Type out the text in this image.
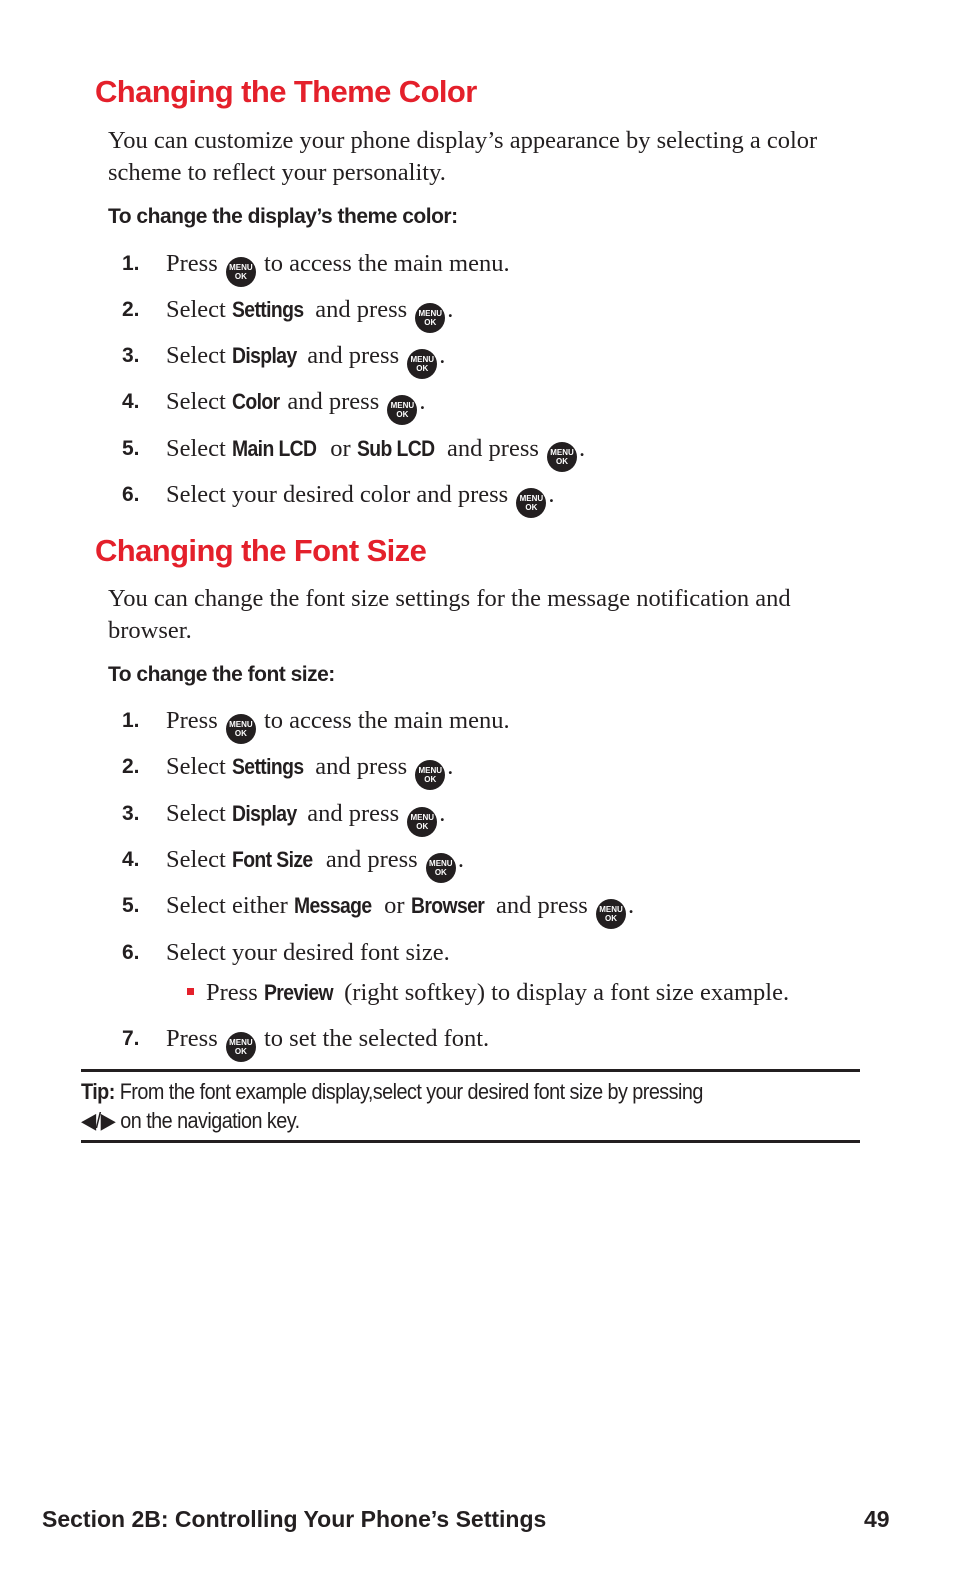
Changing the Theme Color

You can customize your phone display’s appearance by selecting a color scheme to reflect your personality.

To change the display’s theme color:

1.	Press	MENU
OK to access the main menu.
2.	Select Settings and press	MENU
OK .
3.	Select Display and press	MENU
OK .
4.	Select Color and press	MENU
OK .
5.	Select Main LCD or Sub LCD and press	MENU
OK .
6.	Select your desired color and press	MENU
OK .
Changing the Font Size

You can change the font size settings for the message notification and browser.

To change the font size:

1.	Press	MENU
OK to access the main menu.
2.	Select Settings and press	MENU
OK .
3.	Select Display and press	MENU
OK .
4.	Select Font Size and press	MENU
OK .
5.	Select either Message or Browser and press	MENU
OK .
6.	Select your desired font size.
Press Preview (right softkey) to display a font size example.
7.	Press	MENU
OK to set the selected font.
Tip: From the font example display,select your desired font size by pressing
◀/▶ on the navigation key.
Section 2B: Controlling Your Phone’s Settings	49
